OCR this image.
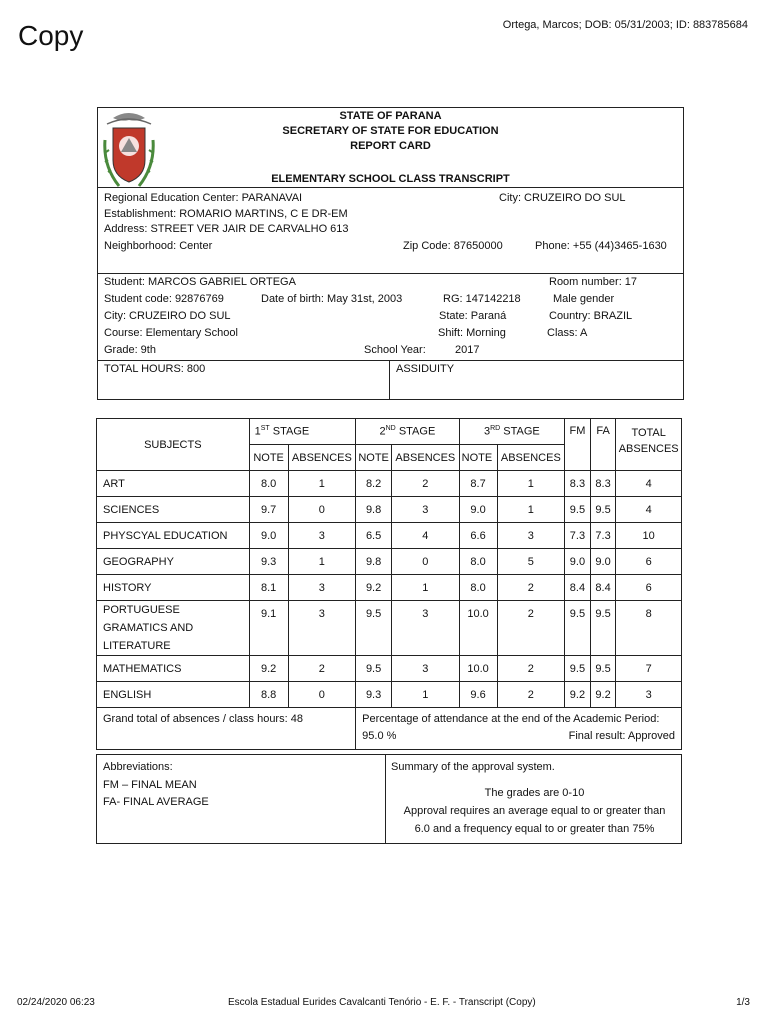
Copy	Ortega, Marcos; DOB: 05/31/2003; ID: 883785684
STATE OF PARANA
SECRETARY OF STATE FOR EDUCATION
REPORT CARD
ELEMENTARY SCHOOL CLASS TRANSCRIPT
Regional Education Center: PARANAVAI	City: CRUZEIRO DO SUL
Establishment: ROMARIO MARTINS, C E DR-EM
Address: STREET VER JAIR DE CARVALHO 613
Neighborhood: Center	Zip Code: 87650000	Phone: +55 (44)3465-1630
Student: MARCOS GABRIEL ORTEGA	Room number: 17
Student code: 92876769	Date of birth: May 31st, 2003	RG: 147142218	Male gender
City: CRUZEIRO DO SUL	State: Paraná	Country: BRAZIL
Course: Elementary School	Shift: Morning	Class: A
Grade: 9th	School Year:	2017
TOTAL HOURS: 800	ASSIDUITY
SUBJECTS	1ST STAGE		2ND STAGE		3RD STAGE		FM	FA	TOTAL ABSENCES
	NOTE	ABSENCES	NOTE	ABSENCES	NOTE	ABSENCES			
ART	8.0	1	8.2	2	8.7	1	8.3	8.3	4
SCIENCES	9.7	0	9.8	3	9.0	1	9.5	9.5	4
PHYSCYAL EDUCATION	9.0	3	6.5	4	6.6	3	7.3	7.3	10
GEOGRAPHY	9.3	1	9.8	0	8.0	5	9.0	9.0	6
HISTORY	8.1	3	9.2	1	8.0	2	8.4	8.4	6
PORTUGUESE GRAMATICS AND LITERATURE	9.1	3	9.5	3	10.0	2	9.5	9.5	8
MATHEMATICS	9.2	2	9.5	3	10.0	2	9.5	9.5	7
ENGLISH	8.8	0	9.3	1	9.6	2	9.2	9.2	3
Grand total of absences / class hours: 48			Percentage of attendance at the end of the Academic Period:
95.0 % Final result: Approved						
Abbreviations:
FM – FINAL MEAN
FA- FINAL AVERAGE
Summary of the approval system.
The grades are 0-10
Approval requires an average equal to or greater than
6.0 and a frequency equal to or greater than 75%
02/24/2020 06:23	Escola Estadual Eurides Cavalcanti Tenório - E. F. - Transcript (Copy)	1/3
